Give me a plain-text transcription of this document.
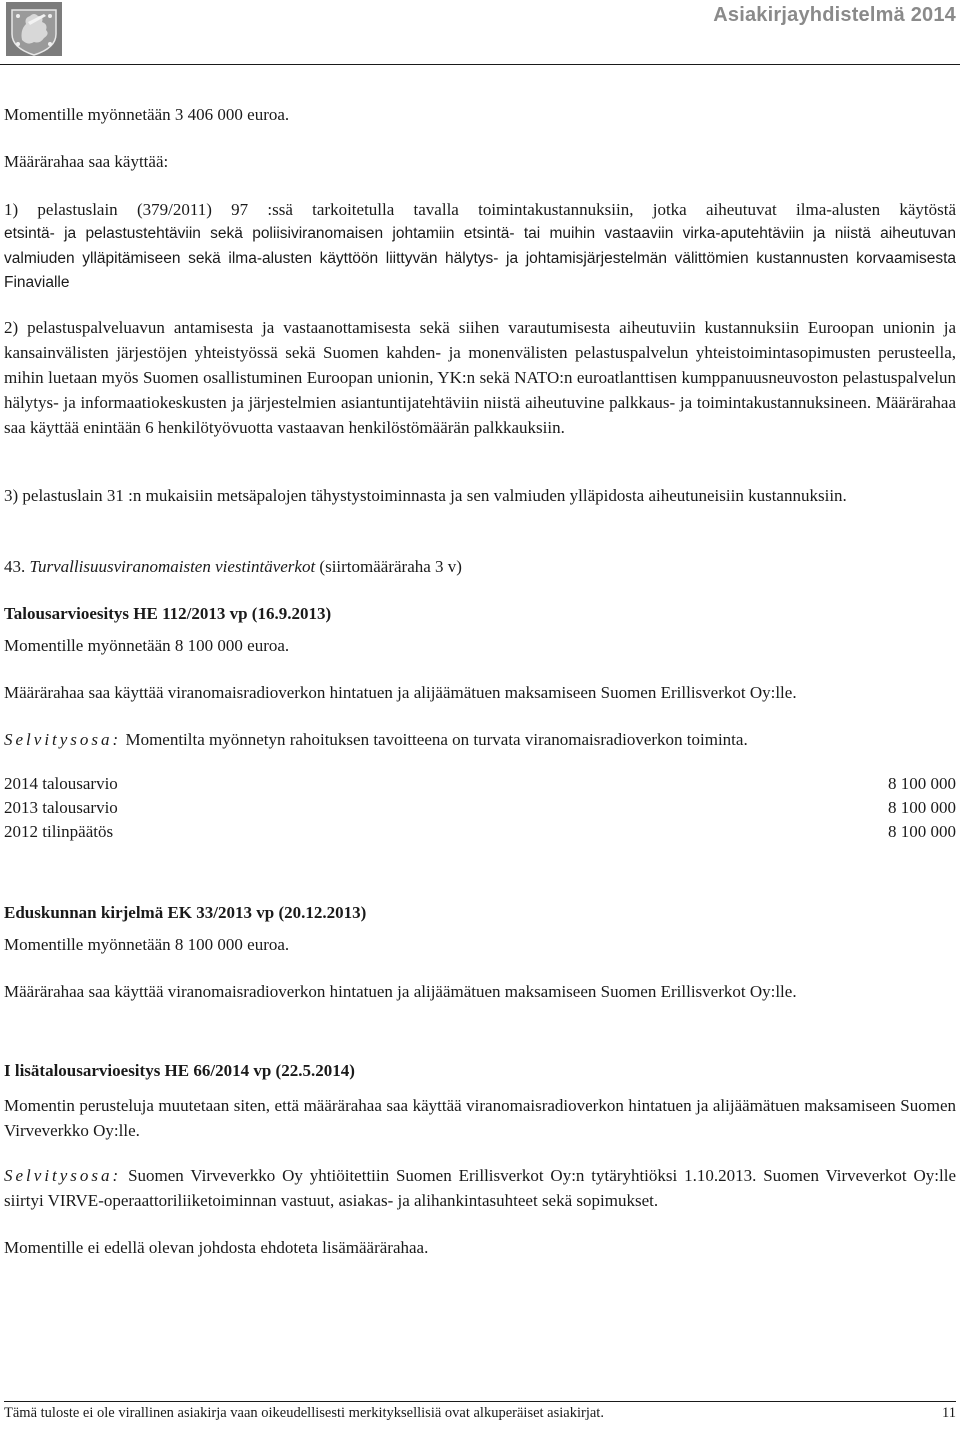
Asiakirjayhdistelmä 2014

Momentille myönnetään 3 406 000 euroa.

Määrärahaa saa käyttää:

1) pelastuslain (379/2011) 97 :ssä tarkoitetulla tavalla toimintakustannuksiin, jotka aiheutuvat ilma-alusten käytöstä
etsintä- ja pelastustehtäviin sekä poliisiviranomaisen johtamiin etsintä- tai muihin vastaaviin virka-aputehtäviin ja niistä aiheutuvan valmiuden ylläpitämiseen sekä ilma-alusten käyttöön liittyvän hälytys- ja johtamisjärjestelmän välittömien kustannusten korvaamisesta Finavialle

2) pelastuspalveluavun antamisesta ja vastaanottamisesta sekä siihen varautumisesta aiheutuviin kustannuksiin Euroopan unionin ja kansainvälisten järjestöjen yhteistyössä sekä Suomen kahden- ja monenvälisten pelastuspalvelun yhteistoimintasopimusten perusteella, mihin luetaan myös Suomen osallistuminen Euroopan unionin, YK:n sekä NATO:n euroatlanttisen kumppanuusneuvoston pelastuspalvelun hälytys- ja informaatiokeskusten ja järjestelmien asiantuntijatehtäviin niistä aiheutuvine palkkaus- ja toimintakustannuksineen. Määrärahaa saa käyttää enintään 6 henkilötyövuotta vastaavan henkilöstömäärän palkkauksiin.

3) pelastuslain 31 :n mukaisiin metsäpalojen tähystystoiminnasta ja sen valmiuden ylläpidosta aiheutuneisiin kustannuksiin.

43. Turvallisuusviranomaisten viestintäverkot (siirtomääräraha 3 v)

Talousarvioesitys HE 112/2013 vp (16.9.2013)

Momentille myönnetään 8 100 000 euroa.

Määrärahaa saa käyttää viranomaisradioverkon hintatuen ja alijäämätuen maksamiseen Suomen Erillisverkot Oy:lle.

Selvitysosa: Momentilta myönnetyn rahoituksen tavoitteena on turvata viranomaisradioverkon toiminta.
2014 talousarvio	8 100 000
2013 talousarvio	8 100 000
2012 tilinpäätös	8 100 000

Eduskunnan kirjelmä EK 33/2013 vp (20.12.2013)

Momentille myönnetään 8 100 000 euroa.

Määrärahaa saa käyttää viranomaisradioverkon hintatuen ja alijäämätuen maksamiseen Suomen Erillisverkot Oy:lle.

I lisätalousarvioesitys HE 66/2014 vp (22.5.2014)

Momentin perusteluja muutetaan siten, että määrärahaa saa käyttää viranomaisradioverkon hintatuen ja alijäämätuen maksamiseen Suomen Virveverkko Oy:lle.

Selvitysosa: Suomen Virveverkko Oy yhtiöitettiin Suomen Erillisverkot Oy:n tytäryhtiöksi 1.10.2013. Suomen Virveverkot Oy:lle siirtyi VIRVE-operaattoriliiketoiminnan vastuut, asiakas- ja alihankintasuhteet sekä sopimukset.

Momentille ei edellä olevan johdosta ehdoteta lisämäärärahaa.

Tämä tuloste ei ole virallinen asiakirja vaan oikeudellisesti merkityksellisiä ovat alkuperäiset asiakirjat.	11
